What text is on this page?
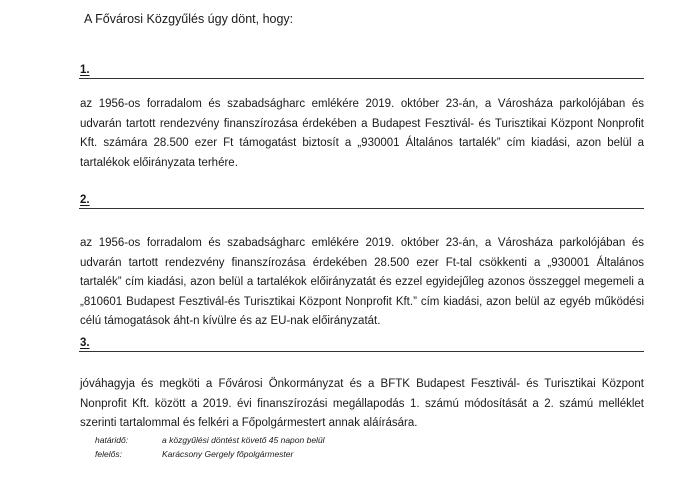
A Fővárosi Közgyűlés úgy dönt, hogy:
1.
az 1956-os forradalom és szabadságharc emlékére 2019. október 23-án, a Városháza parkolójában és udvarán tartott rendezvény finanszírozása érdekében a Budapest Fesztivál- és Turisztikai Központ Nonprofit Kft. számára 28.500 ezer Ft támogatást biztosít a „930001 Általános tartalék” cím kiadási, azon belül a tartalékok előirányzata terhére.
2.
az 1956-os forradalom és szabadságharc emlékére 2019. október 23-án, a Városháza parkolójában és udvarán tartott rendezvény finanszírozása érdekében 28.500 ezer Ft-tal csökkenti a „930001 Általános tartalék” cím kiadási, azon belül a tartalékok előirányzatát és ezzel egyidejűleg azonos összeggel megemeli a „810601 Budapest Fesztivál-és Turisztikai Központ Nonprofit Kft.” cím kiadási, azon belül az egyéb működési célú támogatások áht-n kívülre és az EU-nak előirányzatát.
3.
jóváhagyja és megköti a Fővárosi Önkormányzat és a BFTK Budapest Fesztivál- és Turisztikai Központ Nonprofit Kft. között a 2019. évi finanszírozási megállapodás 1. számú módosítását a 2. számú melléklet szerinti tartalommal és felkéri a Főpolgármestert annak aláírására.
határidő:	a közgyűlési döntést követő 45 napon belül
felelős:	Karácsony Gergely főpolgármester
